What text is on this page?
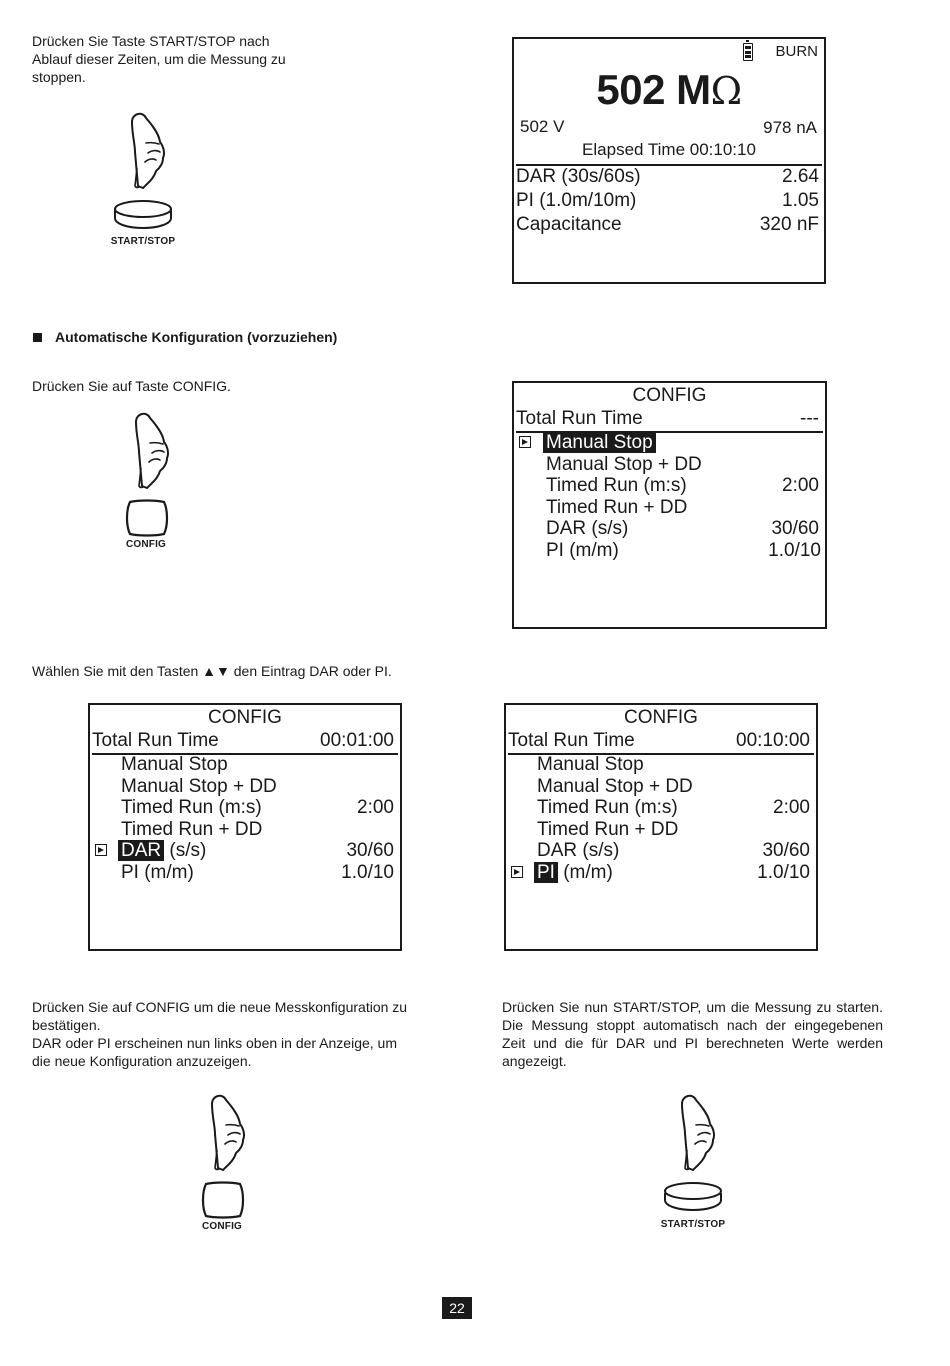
Drücken Sie Taste START/STOP nach Ablauf dieser Zeiten, um die Messung zu stoppen.

START/STOP
BURN
502 MΩ
502 V	978 nA
Elapsed Time 00:10:10
DAR (30s/60s)	2.64
PI (1.0m/10m)	1.05
Capacitance	320 nF
Automatische Konfiguration (vorzuziehen)
Drücken Sie auf Taste CONFIG.
CONFIG
CONFIG
Total Run Time	---
Manual Stop
Manual Stop + DD
Timed Run (m:s)	2:00
Timed Run + DD
DAR (s/s)	30/60
PI (m/m)	1.0/10
Wählen Sie mit den Tasten ▲▼ den Eintrag DAR oder PI.
CONFIG
Total Run Time	00:01:00
Manual Stop
Manual Stop + DD
Timed Run (m:s)	2:00
Timed Run + DD
DAR (s/s)	30/60
PI (m/m)	1.0/10
CONFIG
Total Run Time	00:10:00
Manual Stop
Manual Stop + DD
Timed Run (m:s)	2:00
Timed Run + DD
DAR (s/s)	30/60
PI (m/m)	1.0/10

Drücken Sie auf CONFIG um die neue Messkonfiguration zu bestätigen.

DAR oder PI erscheinen nun links oben in der Anzeige, um die neue Konfiguration anzuzeigen.

Drücken Sie nun START/STOP, um die Messung zu starten. Die Messung stoppt automatisch nach der eingegebenen Zeit und die für DAR und PI berechneten Werte werden angezeigt.

CONFIG	START/STOP
22
